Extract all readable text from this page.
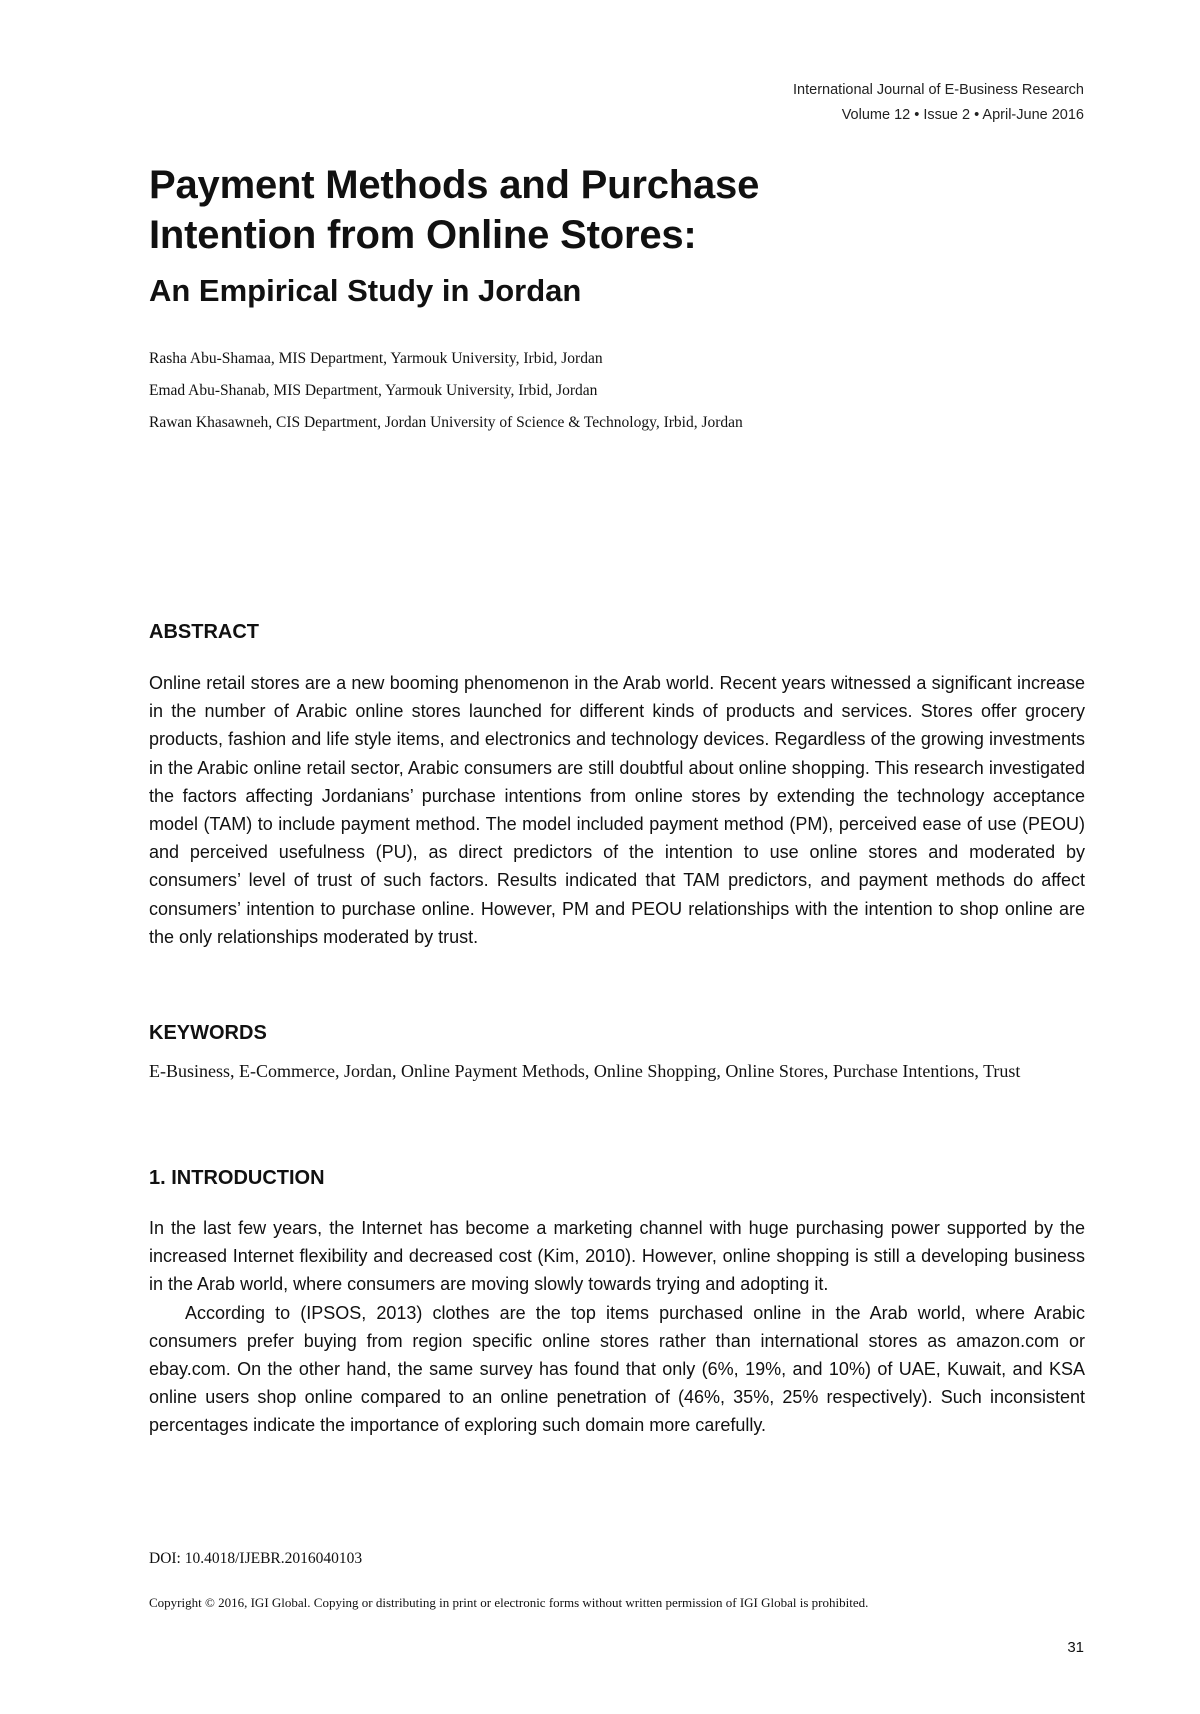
International Journal of E-Business Research
Volume 12 • Issue 2 • April-June 2016
Payment Methods and Purchase
Intention from Online Stores:
An Empirical Study in Jordan
Rasha Abu-Shamaa, MIS Department, Yarmouk University, Irbid, Jordan
Emad Abu-Shanab, MIS Department, Yarmouk University, Irbid, Jordan
Rawan Khasawneh, CIS Department, Jordan University of Science & Technology, Irbid, Jordan
ABSTRACT

Online retail stores are a new booming phenomenon in the Arab world. Recent years witnessed a significant increase in the number of Arabic online stores launched for different kinds of products and services. Stores offer grocery products, fashion and life style items, and electronics and technology devices. Regardless of the growing investments in the Arabic online retail sector, Arabic consumers are still doubtful about online shopping. This research investigated the factors affecting Jordanians’ purchase intentions from online stores by extending the technology acceptance model (TAM) to include payment method. The model included payment method (PM), perceived ease of use (PEOU) and perceived usefulness (PU), as direct predictors of the intention to use online stores and moderated by consumers’ level of trust of such factors. Results indicated that TAM predictors, and payment methods do affect consumers’ intention to purchase online. However, PM and PEOU relationships with the intention to shop online are the only relationships moderated by trust.

KEYWORDS
E-Business, E-Commerce, Jordan, Online Payment Methods, Online Shopping, Online Stores, Purchase Intentions, Trust
1. INTRODUCTION

In the last few years, the Internet has become a marketing channel with huge purchasing power supported by the increased Internet flexibility and decreased cost (Kim, 2010). However, online shopping is still a developing business in the Arab world, where consumers are moving slowly towards trying and adopting it.

According to (IPSOS, 2013) clothes are the top items purchased online in the Arab world, where Arabic consumers prefer buying from region specific online stores rather than international stores as amazon.com or ebay.com. On the other hand, the same survey has found that only (6%, 19%, and 10%) of UAE, Kuwait, and KSA online users shop online compared to an online penetration of (46%, 35%, 25% respectively). Such inconsistent percentages indicate the importance of exploring such domain more carefully.

DOI: 10.4018/IJEBR.2016040103
Copyright © 2016, IGI Global. Copying or distributing in print or electronic forms without written permission of IGI Global is prohibited.
31
